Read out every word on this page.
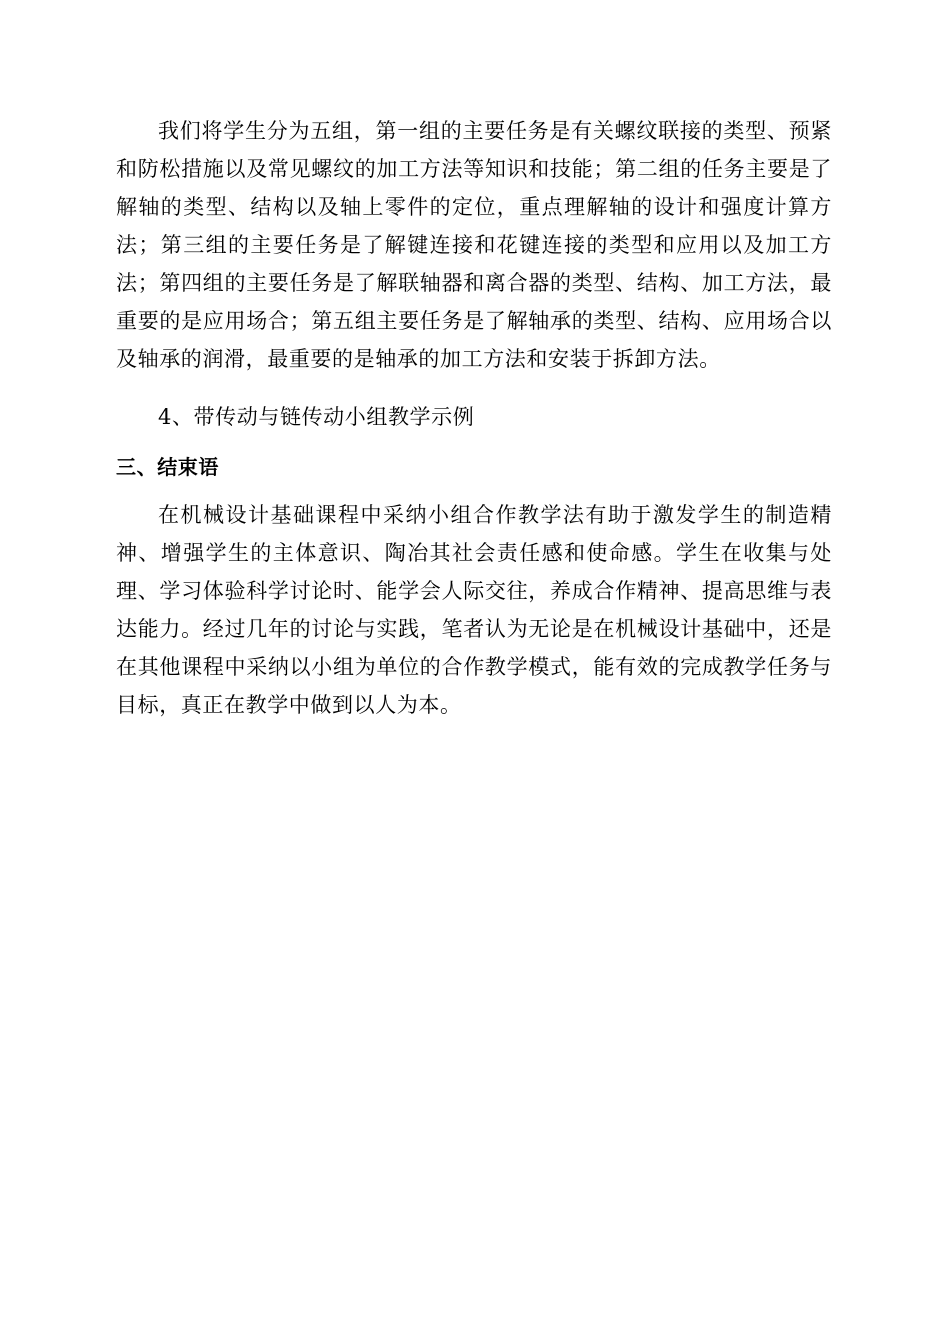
我们将学生分为五组，第一组的主要任务是有关螺纹联接的类型、预紧和防松措施以及常见螺纹的加工方法等知识和技能；第二组的任务主要是了解轴的类型、结构以及轴上零件的定位，重点理解轴的设计和强度计算方法；第三组的主要任务是了解键连接和花键连接的类型和应用以及加工方法；第四组的主要任务是了解联轴器和离合器的类型、结构、加工方法，最重要的是应用场合；第五组主要任务是了解轴承的类型、结构、应用场合以及轴承的润滑，最重要的是轴承的加工方法和安装于拆卸方法。

4、带传动与链传动小组教学示例

三、结束语

在机械设计基础课程中采纳小组合作教学法有助于激发学生的制造精神、增强学生的主体意识、陶冶其社会责任感和使命感。学生在收集与处理、学习体验科学讨论时、能学会人际交往，养成合作精神、提高思维与表达能力。经过几年的讨论与实践，笔者认为无论是在机械设计基础中，还是在其他课程中采纳以小组为单位的合作教学模式，能有效的完成教学任务与目标，真正在教学中做到以人为本。
